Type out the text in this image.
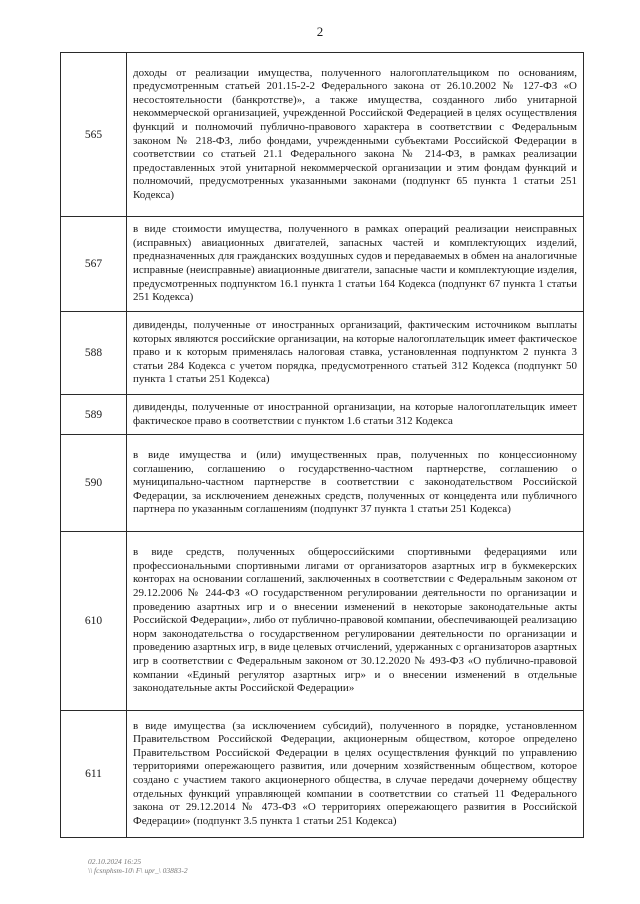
2
565	доходы от реализации имущества, полученного налогоплательщиком по основаниям, предусмотренным статьей 201.15-2-2 Федерального закона от 26.10.2002 № 127-ФЗ «О несостоятельности (банкротстве)», а также имущества, созданного либо унитарной некоммерческой организацией, учрежденной Российской Федерацией в целях осуществления функций и полномочий публично-правового характера в соответствии с Федеральным законом № 218-ФЗ, либо фондами, учрежденными субъектами Российской Федерации в соответствии со статьей 21.1 Федерального закона № 214-ФЗ, в рамках реализации предоставленных этой унитарной некоммерческой организации и этим фондам функций и полномочий, предусмотренных указанными законами (подпункт 65 пункта 1 статьи 251 Кодекса)
567	в виде стоимости имущества, полученного в рамках операций реализации неисправных (исправных) авиационных двигателей, запасных частей и комплектующих изделий, предназначенных для гражданских воздушных судов и передаваемых в обмен на аналогичные исправные (неисправные) авиационные двигатели, запасные части и комплектующие изделия, предусмотренных подпунктом 16.1 пункта 1 статьи 164 Кодекса (подпункт 67 пункта 1 статьи 251 Кодекса)
588	дивиденды, полученные от иностранных организаций, фактическим источником выплаты которых являются российские организации, на которые налогоплательщик имеет фактическое право и к которым применялась налоговая ставка, установленная подпунктом 2 пункта 3 статьи 284 Кодекса с учетом порядка, предусмотренного статьей 312 Кодекса (подпункт 50 пункта 1 статьи 251 Кодекса)
589	дивиденды, полученные от иностранной организации, на которые налогоплательщик имеет фактическое право в соответствии с пунктом 1.6 статьи 312 Кодекса
590	в виде имущества и (или) имущественных прав, полученных по концессионному соглашению, соглашению о государственно-частном партнерстве, соглашению о муниципально-частном партнерстве в соответствии с законодательством Российской Федерации, за исключением денежных средств, полученных от концедента или публичного партнера по указанным соглашениям (подпункт 37 пункта 1 статьи 251 Кодекса)
610	в виде средств, полученных общероссийскими спортивными федерациями или профессиональными спортивными лигами от организаторов азартных игр в букмекерских конторах на основании соглашений, заключенных в соответствии с Федеральным законом от 29.12.2006 № 244-ФЗ «О государственном регулировании деятельности по организации и проведению азартных игр и о внесении изменений в некоторые законодательные акты Российской Федерации», либо от публично-правовой компании, обеспечивающей реализацию норм законодательства о государственном регулировании деятельности по организации и проведению азартных игр, в виде целевых отчислений, удержанных с организаторов азартных игр в соответствии с Федеральным законом от 30.12.2020 № 493-ФЗ «О публично-правовой компании «Единый регулятор азартных игр» и о внесении изменений в отдельные законодательные акты Российской Федерации»
611	в виде имущества (за исключением субсидий), полученного в порядке, установленном Правительством Российской Федерации, акционерным обществом, которое определено Правительством Российской Федерации в целях осуществления функций по управлению территориями опережающего развития, или дочерним хозяйственным обществом, которое создано с участием такого акционерного общества, в случае передачи дочернему обществу отдельных функций управляющей компании в соответствии со статьей 11 Федерального закона от 29.12.2014 № 473-ФЗ «О территориях опережающего развития в Российской Федерации» (подпункт 3.5 пункта 1 статьи 251 Кодекса)
02.10.2024 16:25
\\ fcsnphsm-10\ F\ upr_\ 03883-2
